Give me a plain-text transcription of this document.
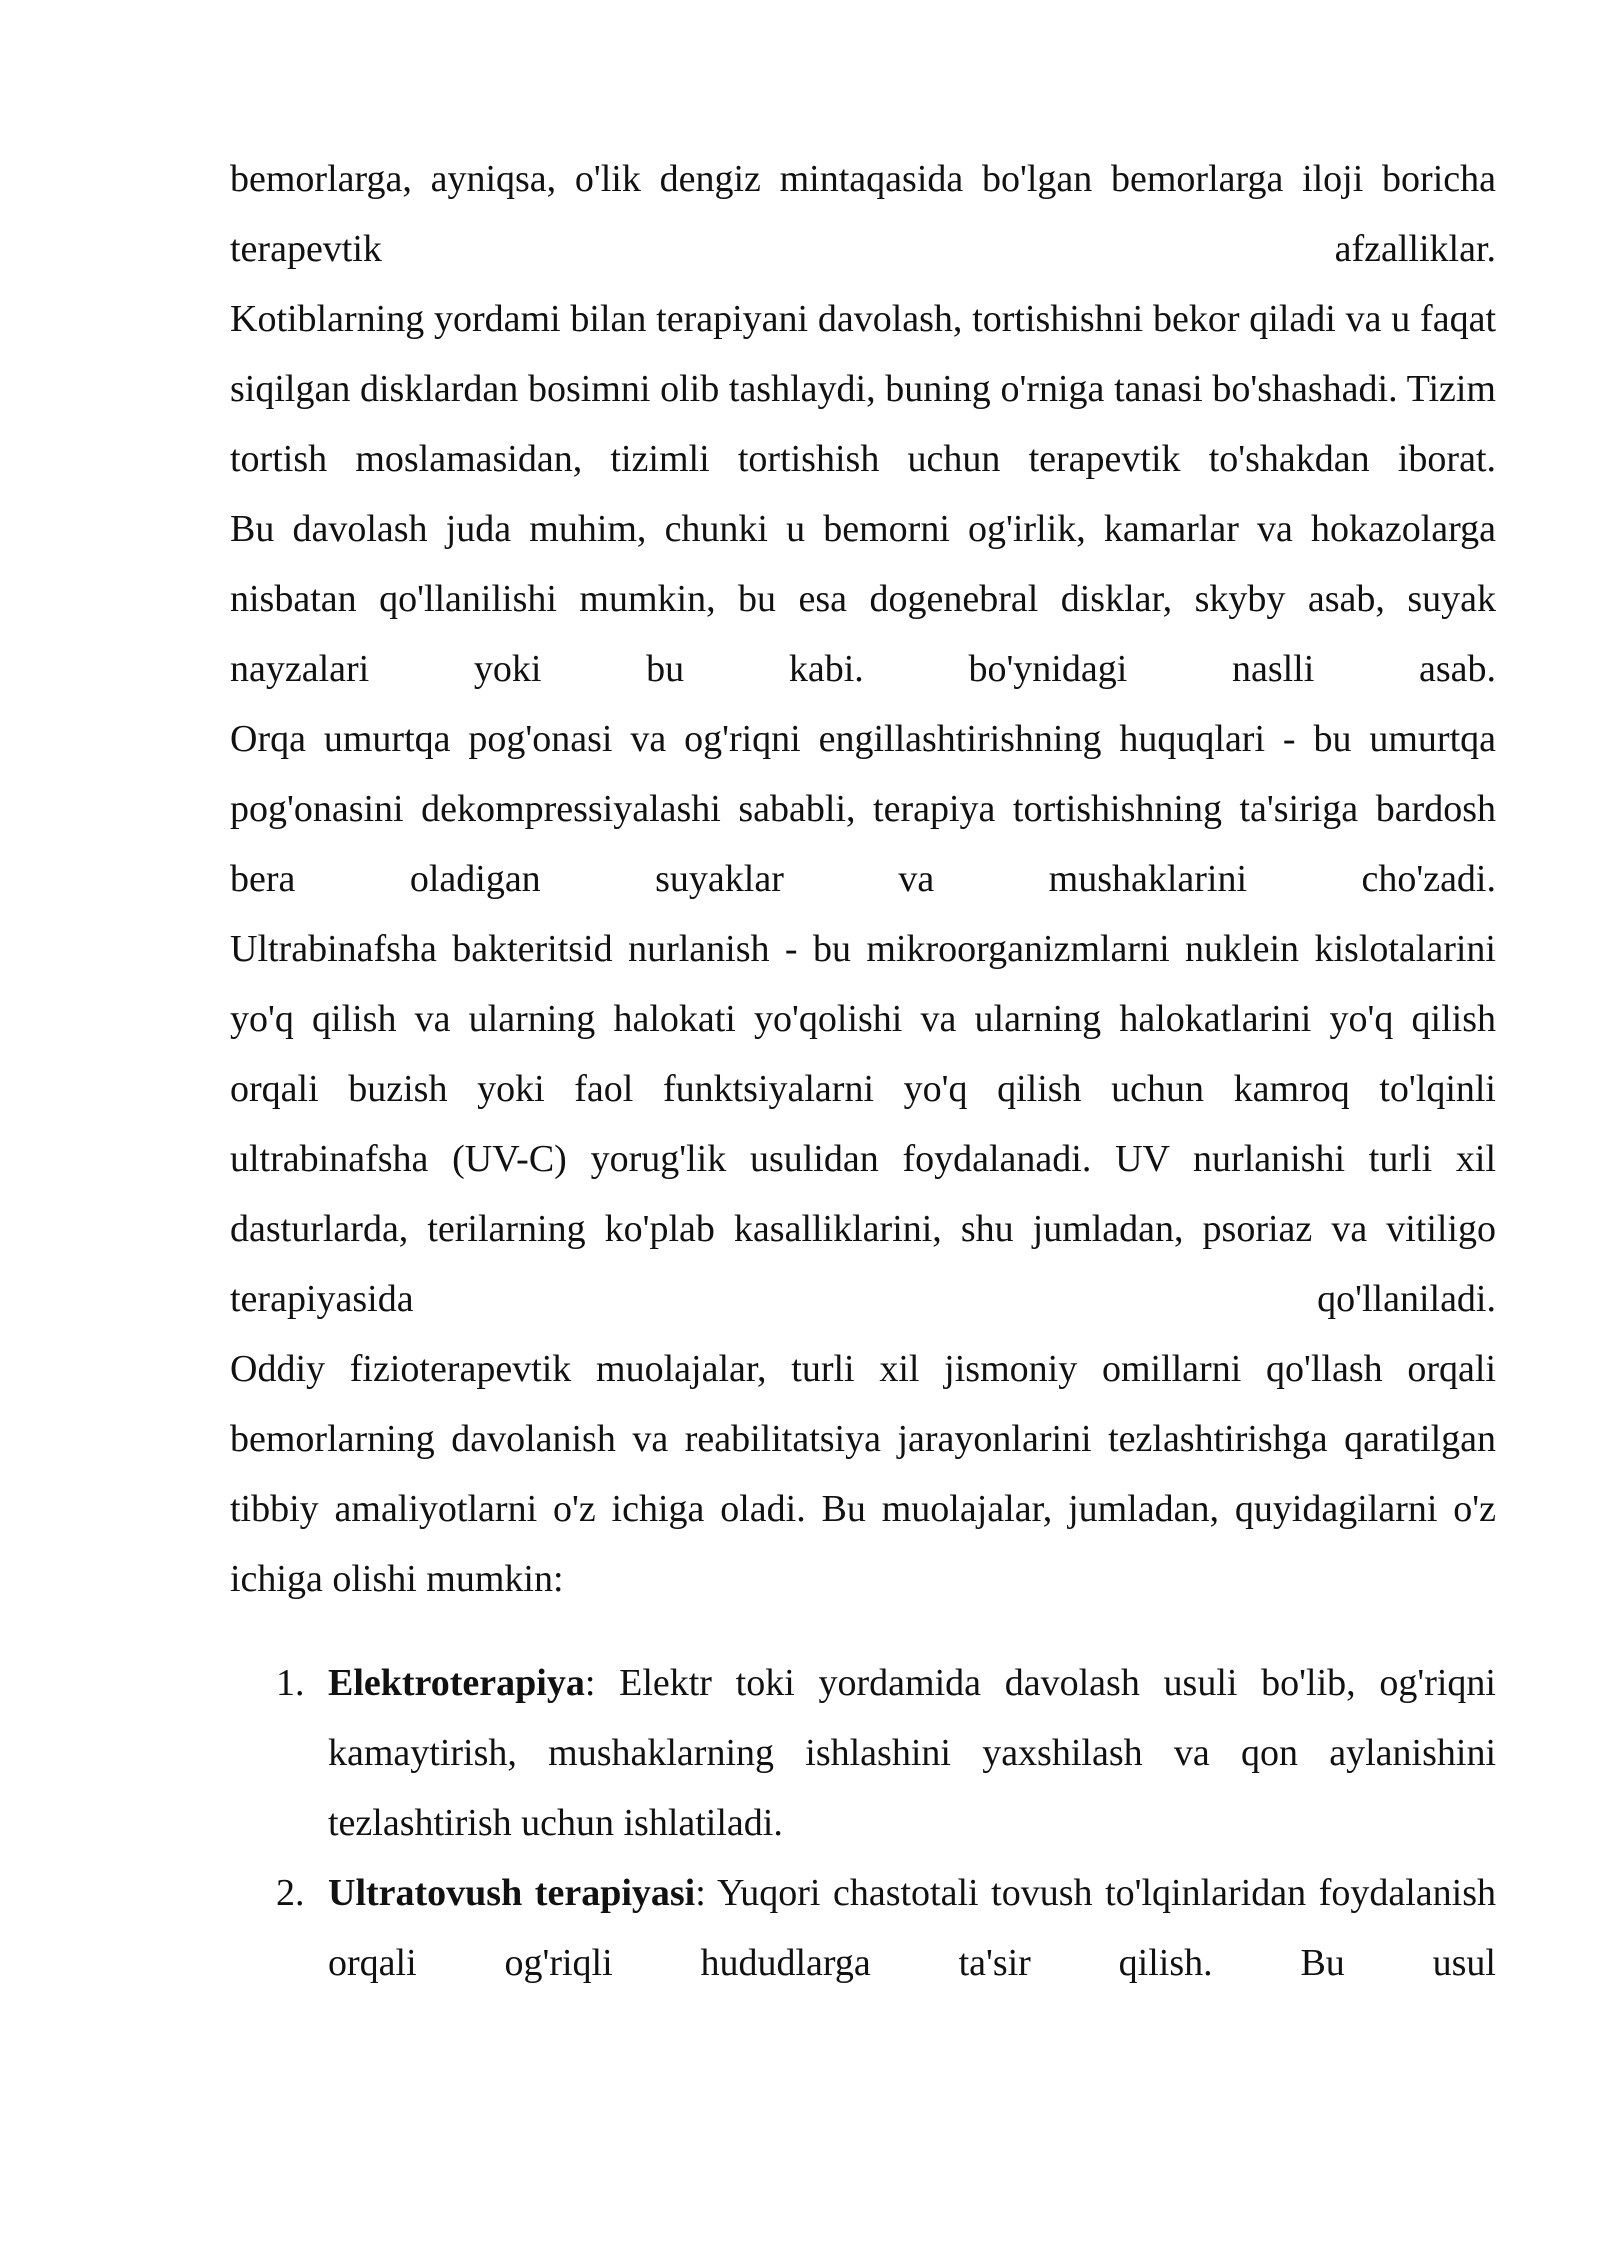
bemorlarga, ayniqsa, o'lik dengiz mintaqasida bo'lgan bemorlarga iloji boricha terapevtik afzalliklar.

Kotiblarning yordami bilan terapiyani davolash, tortishishni bekor qiladi va u faqat siqilgan disklardan bosimni olib tashlaydi, buning o'rniga tanasi bo'shashadi. Tizim tortish moslamasidan, tizimli tortishish uchun terapevtik to'shakdan iborat.

Bu davolash juda muhim, chunki u bemorni og'irlik, kamarlar va hokazolarga nisbatan qo'llanilishi mumkin, bu esa dogenebral disklar, skyby asab, suyak nayzalari yoki bu kabi. bo'ynidagi naslli asab.

Orqa umurtqa pog'onasi va og'riqni engillashtirishning huquqlari - bu umurtqa pog'onasini dekompressiyalashi sababli, terapiya tortishishning ta'siriga bardosh bera oladigan suyaklar va mushaklarini cho'zadi.

Ultrabinafsha bakteritsid nurlanish - bu mikroorganizmlarni nuklein kislotalarini yo'q qilish va ularning halokati yo'qolishi va ularning halokatlarini yo'q qilish orqali buzish yoki faol funktsiyalarni yo'q qilish uchun kamroq to'lqinli ultrabinafsha (UV-C) yorug'lik usulidan foydalanadi. UV nurlanishi turli xil dasturlarda, terilarning ko'plab kasalliklarini, shu jumladan, psoriaz va vitiligo terapiyasida qo'llaniladi.

Oddiy fizioterapevtik muolajalar, turli xil jismoniy omillarni qo'llash orqali bemorlarning davolanish va reabilitatsiya jarayonlarini tezlashtirishga qaratilgan tibbiy amaliyotlarni o'z ichiga oladi. Bu muolajalar, jumladan, quyidagilarni o'z ichiga olishi mumkin:

1. Elektroterapiya: Elektr toki yordamida davolash usuli bo'lib, og'riqni kamaytirish, mushaklarning ishlashini yaxshilash va qon aylanishini tezlashtirish uchun ishlatiladi.
2. Ultratovush terapiyasi: Yuqori chastotali tovush to'lqinlaridan foydalanish orqali og'riqli hududlarga ta'sir qilish. Bu usul
